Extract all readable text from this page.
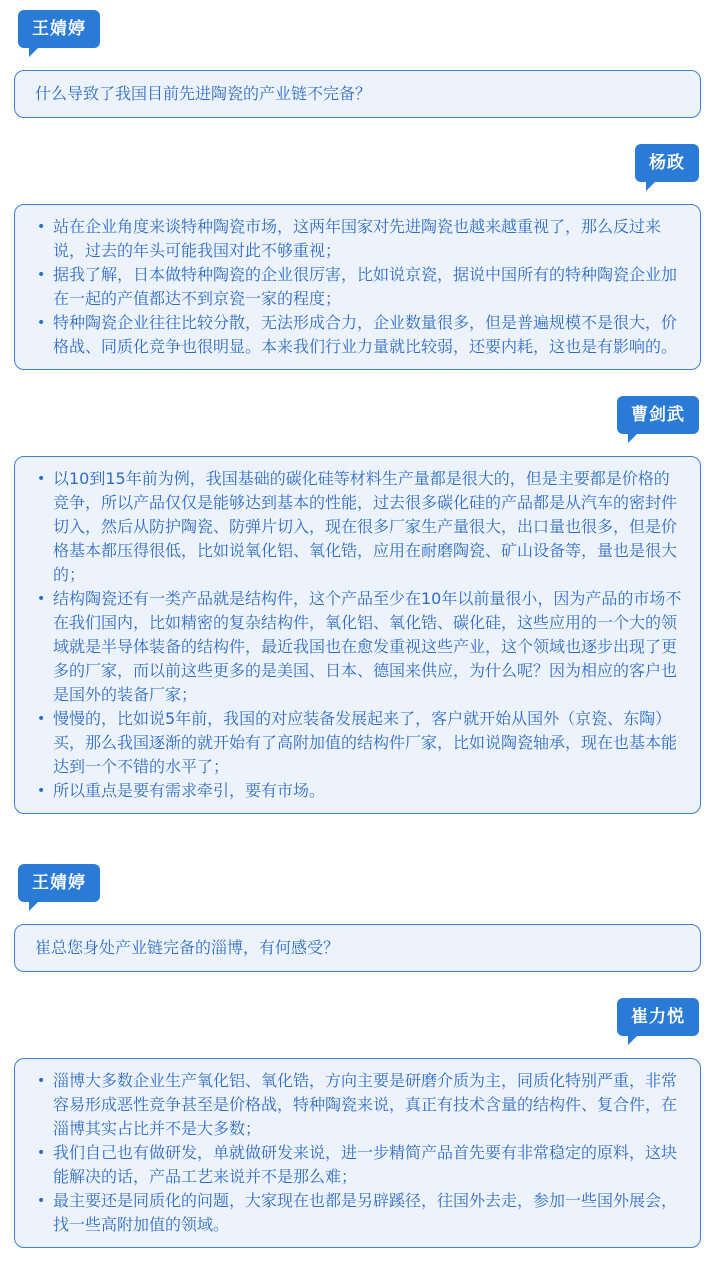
王婧婷

什么导致了我国目前先进陶瓷的产业链不完备？

杨政
• 站在企业角度来谈特种陶瓷市场，这两年国家对先进陶瓷也越来越重视了，那么反过来说，过去的年头可能我国对此不够重视；
• 据我了解，日本做特种陶瓷的企业很厉害，比如说京瓷，据说中国所有的特种陶瓷企业加在一起的产值都达不到京瓷一家的程度；
• 特种陶瓷企业往往比较分散，无法形成合力，企业数量很多，但是普遍规模不是很大，价格战、同质化竞争也很明显。本来我们行业力量就比较弱，还要内耗，这也是有影响的。
曹剑武
• 以10到15年前为例，我国基础的碳化硅等材料生产量都是很大的，但是主要都是价格的竞争，所以产品仅仅是能够达到基本的性能，过去很多碳化硅的产品都是从汽车的密封件切入，然后从防护陶瓷、防弹片切入，现在很多厂家生产量很大，出口量也很多，但是价格基本都压得很低，比如说氧化铝、氧化锆，应用在耐磨陶瓷、矿山设备等，量也是很大的；
• 结构陶瓷还有一类产品就是结构件，这个产品至少在10年以前量很小，因为产品的市场不在我们国内，比如精密的复杂结构件，氧化铝、氧化锆、碳化硅，这些应用的一个大的领域就是半导体装备的结构件，最近我国也在愈发重视这些产业，这个领域也逐步出现了更多的厂家，而以前这些更多的是美国、日本、德国来供应，为什么呢？因为相应的客户也是国外的装备厂家；
• 慢慢的，比如说5年前，我国的对应装备发展起来了，客户就开始从国外（京瓷、东陶）买，那么我国逐渐的就开始有了高附加值的结构件厂家，比如说陶瓷轴承，现在也基本能达到一个不错的水平了；
• 所以重点是要有需求牵引，要有市场。
王婧婷

崔总您身处产业链完备的淄博，有何感受？

崔力悦
• 淄博大多数企业生产氧化铝、氧化锆，方向主要是研磨介质为主，同质化特别严重，非常容易形成恶性竞争甚至是价格战，特种陶瓷来说，真正有技术含量的结构件、复合件，在淄博其实占比并不是大多数；
• 我们自己也有做研发，单就做研发来说，进一步精简产品首先要有非常稳定的原料，这块能解决的话，产品工艺来说并不是那么难；
• 最主要还是同质化的问题，大家现在也都是另辟蹊径，往国外去走，参加一些国外展会，找一些高附加值的领域。
